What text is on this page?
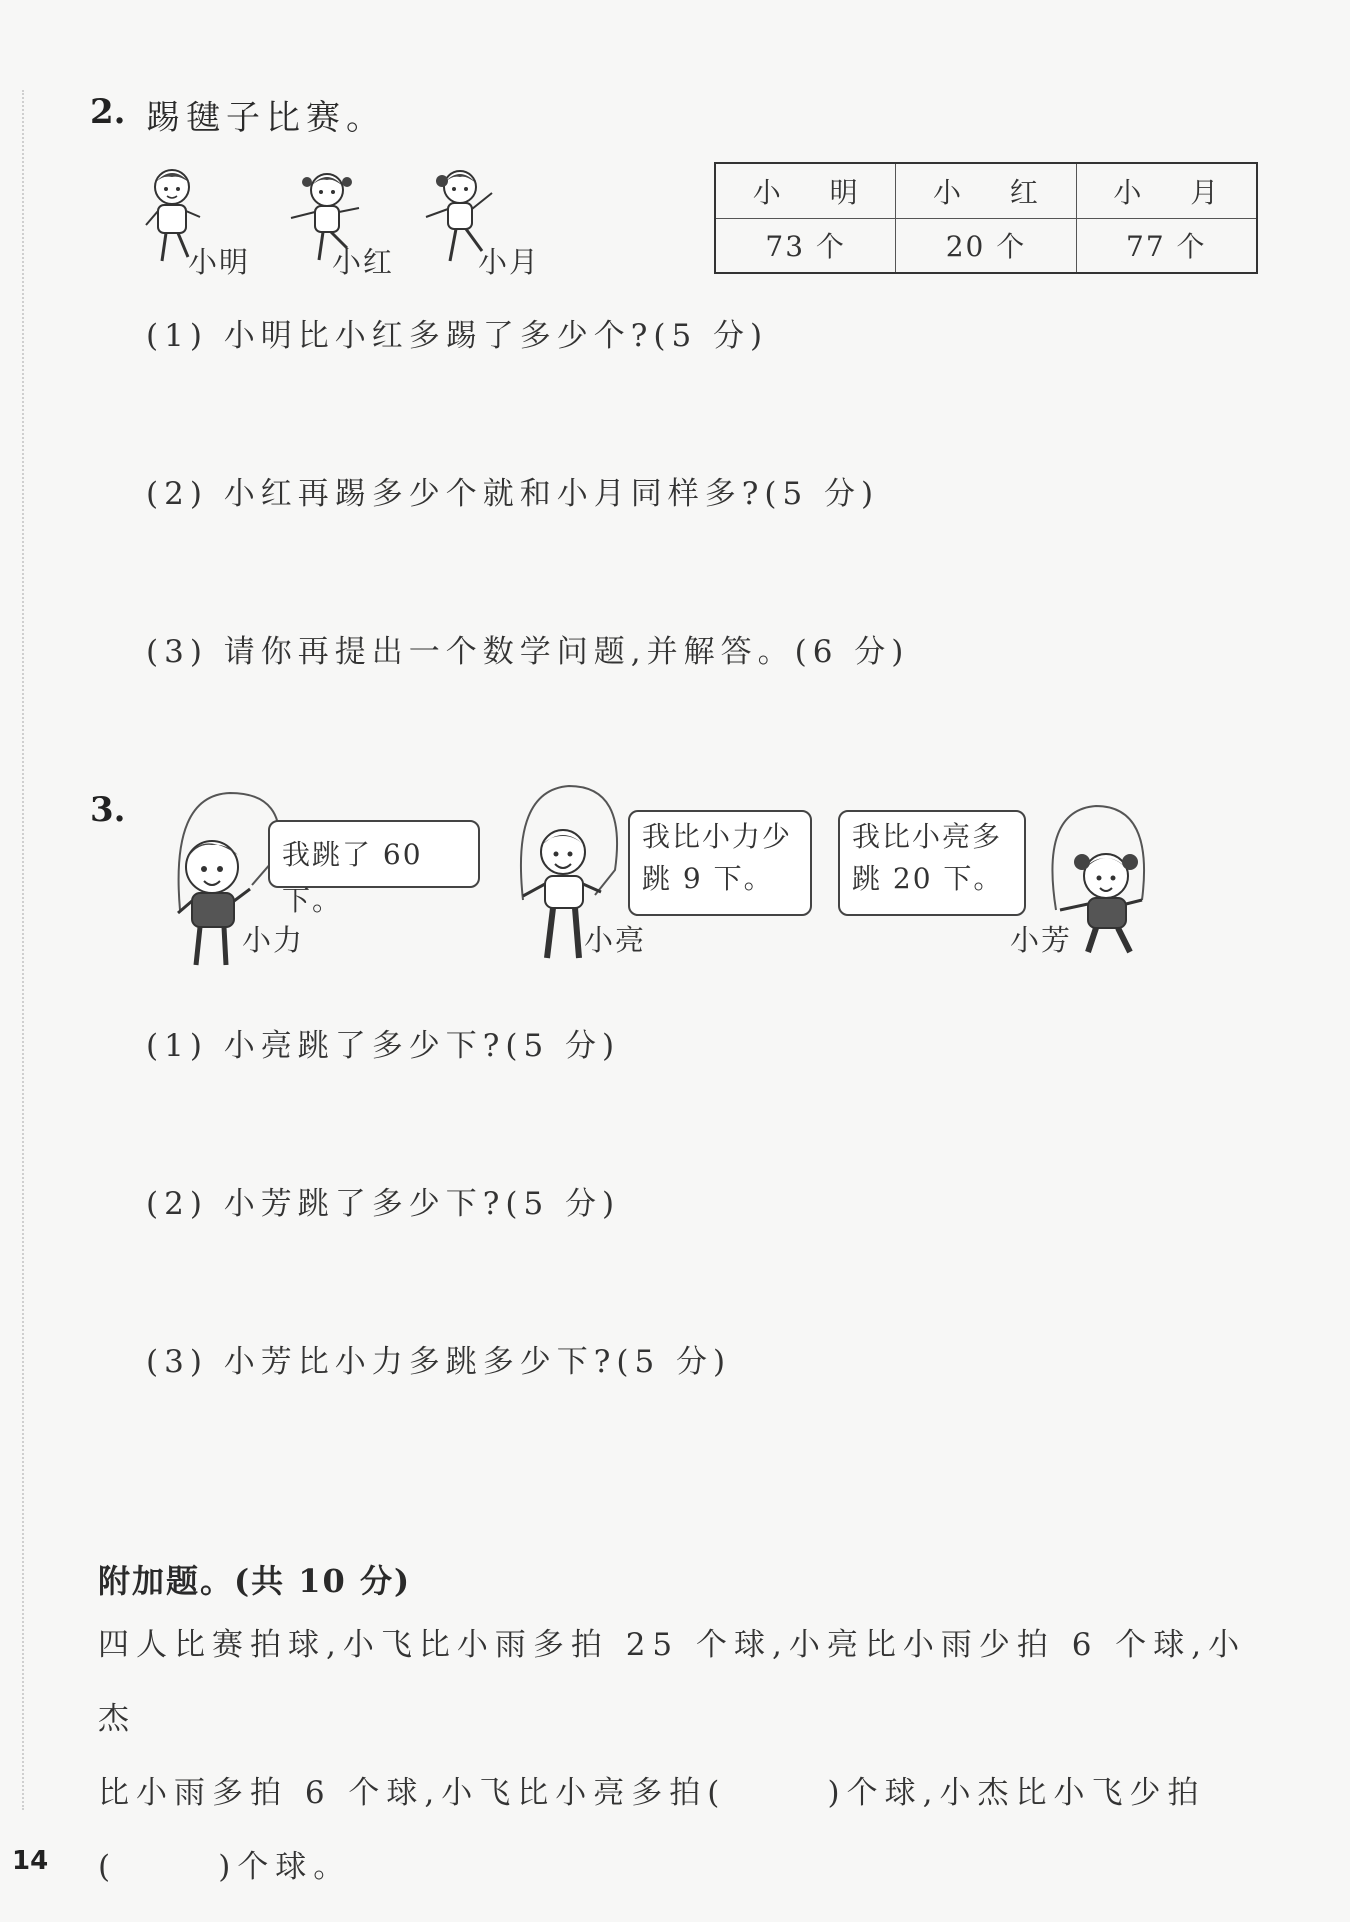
2. 踢毽子比赛。
小明	小红	小月
小 明	小 红	小 月
73 个	20 个	77 个
(1) 小明比小红多踢了多少个?(5 分)
(2) 小红再踢多少个就和小月同样多?(5 分)
(3) 请你再提出一个数学问题,并解答。(6 分)
3.
小力
我跳了 60 下。
小亮
我比小力少
跳 9 下。
我比小亮多
跳 20 下。
小芳
(1) 小亮跳了多少下?(5 分)
(2) 小芳跳了多少下?(5 分)
(3) 小芳比小力多跳多少下?(5 分)
附加题。(共 10 分)
四人比赛拍球,小飞比小雨多拍 25 个球,小亮比小雨少拍 6 个球,小杰
比小雨多拍 6 个球,小飞比小亮多拍(      )个球,小杰比小飞少拍
(      )个球。
14
